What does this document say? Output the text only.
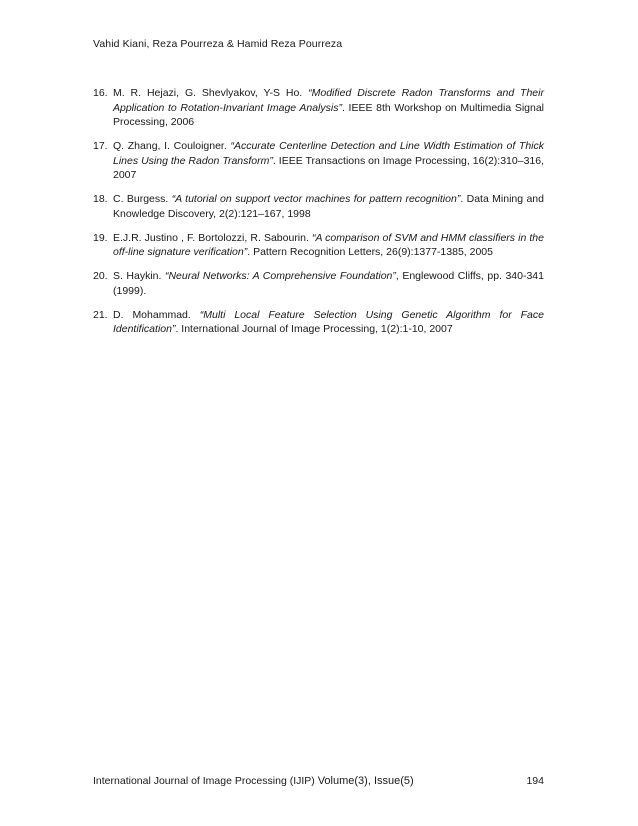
Vahid Kiani, Reza Pourreza & Hamid Reza Pourreza
16. M. R. Hejazi, G. Shevlyakov, Y-S Ho. “Modified Discrete Radon Transforms and Their Application to Rotation-Invariant Image Analysis”. IEEE 8th Workshop on Multimedia Signal Processing, 2006
17. Q. Zhang, I. Couloigner. “Accurate Centerline Detection and Line Width Estimation of Thick Lines Using the Radon Transform”. IEEE Transactions on Image Processing, 16(2):310–316, 2007
18. C. Burgess. “A tutorial on support vector machines for pattern recognition”. Data Mining and Knowledge Discovery, 2(2):121–167, 1998
19. E.J.R. Justino , F. Bortolozzi, R. Sabourin. “A comparison of SVM and HMM classifiers in the off-line signature verification”. Pattern Recognition Letters, 26(9):1377-1385, 2005
20. S. Haykin. “Neural Networks: A Comprehensive Foundation”, Englewood Cliffs, pp. 340-341 (1999).
21. D. Mohammad. “Multi Local Feature Selection Using Genetic Algorithm for Face Identification”. International Journal of Image Processing, 1(2):1-10, 2007
International Journal of Image Processing (IJIP) Volume(3), Issue(5)	194
